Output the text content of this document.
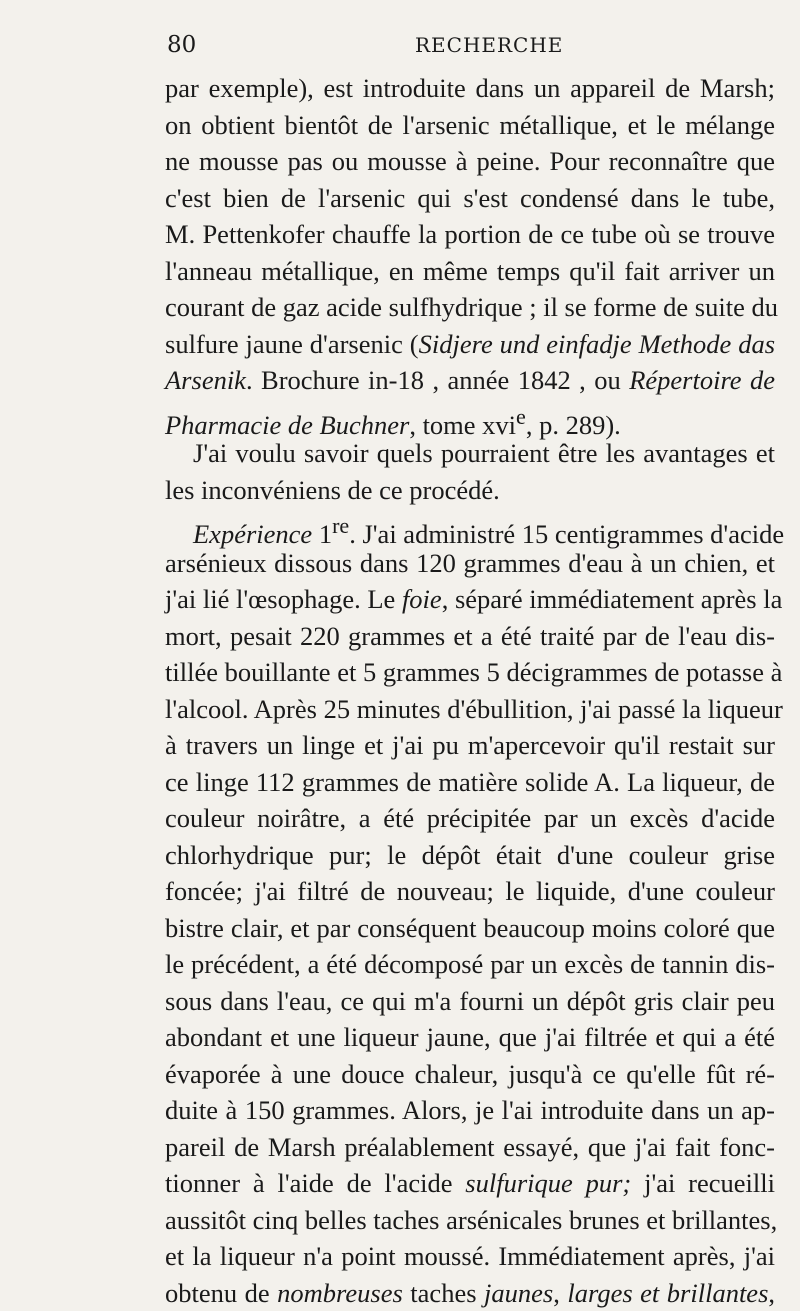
80	RECHERCHE
par exemple), est introduite dans un appareil de Marsh;
on obtient bientôt de l'arsenic métallique, et le mélange
ne mousse pas ou mousse à peine. Pour reconnaître que
c'est bien de l'arsenic qui s'est condensé dans le tube,
M. Pettenkofer chauffe la portion de ce tube où se trouve
l'anneau métallique, en même temps qu'il fait arriver un
courant de gaz acide sulfhydrique ; il se forme de suite du
sulfure jaune d'arsenic (Sidjere und einfadje Methode das
Arsenik. Brochure in-18 , année 1842 , ou Répertoire de
Pharmacie de Buchner, tome xvi$^e$, p. 289).
J'ai voulu savoir quels pourraient être les avantages et
les inconvéniens de ce procédé.
Expérience 1re. J'ai administré 15 centigrammes d'acide
arsénieux dissous dans 120 grammes d'eau à un chien, et
j'ai lié l'œsophage. Le foie, séparé immédiatement après la
mort, pesait 220 grammes et a été traité par de l'eau dis-
tillée bouillante et 5 grammes 5 décigrammes de potasse à
l'alcool. Après 25 minutes d'ébullition, j'ai passé la liqueur
à travers un linge et j'ai pu m'apercevoir qu'il restait sur
ce linge 112 grammes de matière solide A. La liqueur, de
couleur noirâtre, a été précipitée par un excès d'acide
chlorhydrique pur; le dépôt était d'une couleur grise
foncée; j'ai filtré de nouveau; le liquide, d'une couleur
bistre clair, et par conséquent beaucoup moins coloré que
le précédent, a été décomposé par un excès de tannin dis-
sous dans l'eau, ce qui m'a fourni un dépôt gris clair peu
abondant et une liqueur jaune, que j'ai filtrée et qui a été
évaporée à une douce chaleur, jusqu'à ce qu'elle fût ré-
duite à 150 grammes. Alors, je l'ai introduite dans un ap-
pareil de Marsh préalablement essayé, que j'ai fait fonc-
tionner à l'aide de l'acide sulfurique pur; j'ai recueilli
aussitôt cinq belles taches arsénicales brunes et brillantes,
et la liqueur n'a point moussé. Immédiatement après, j'ai
obtenu de nombreuses taches jaunes, larges et brillantes,
